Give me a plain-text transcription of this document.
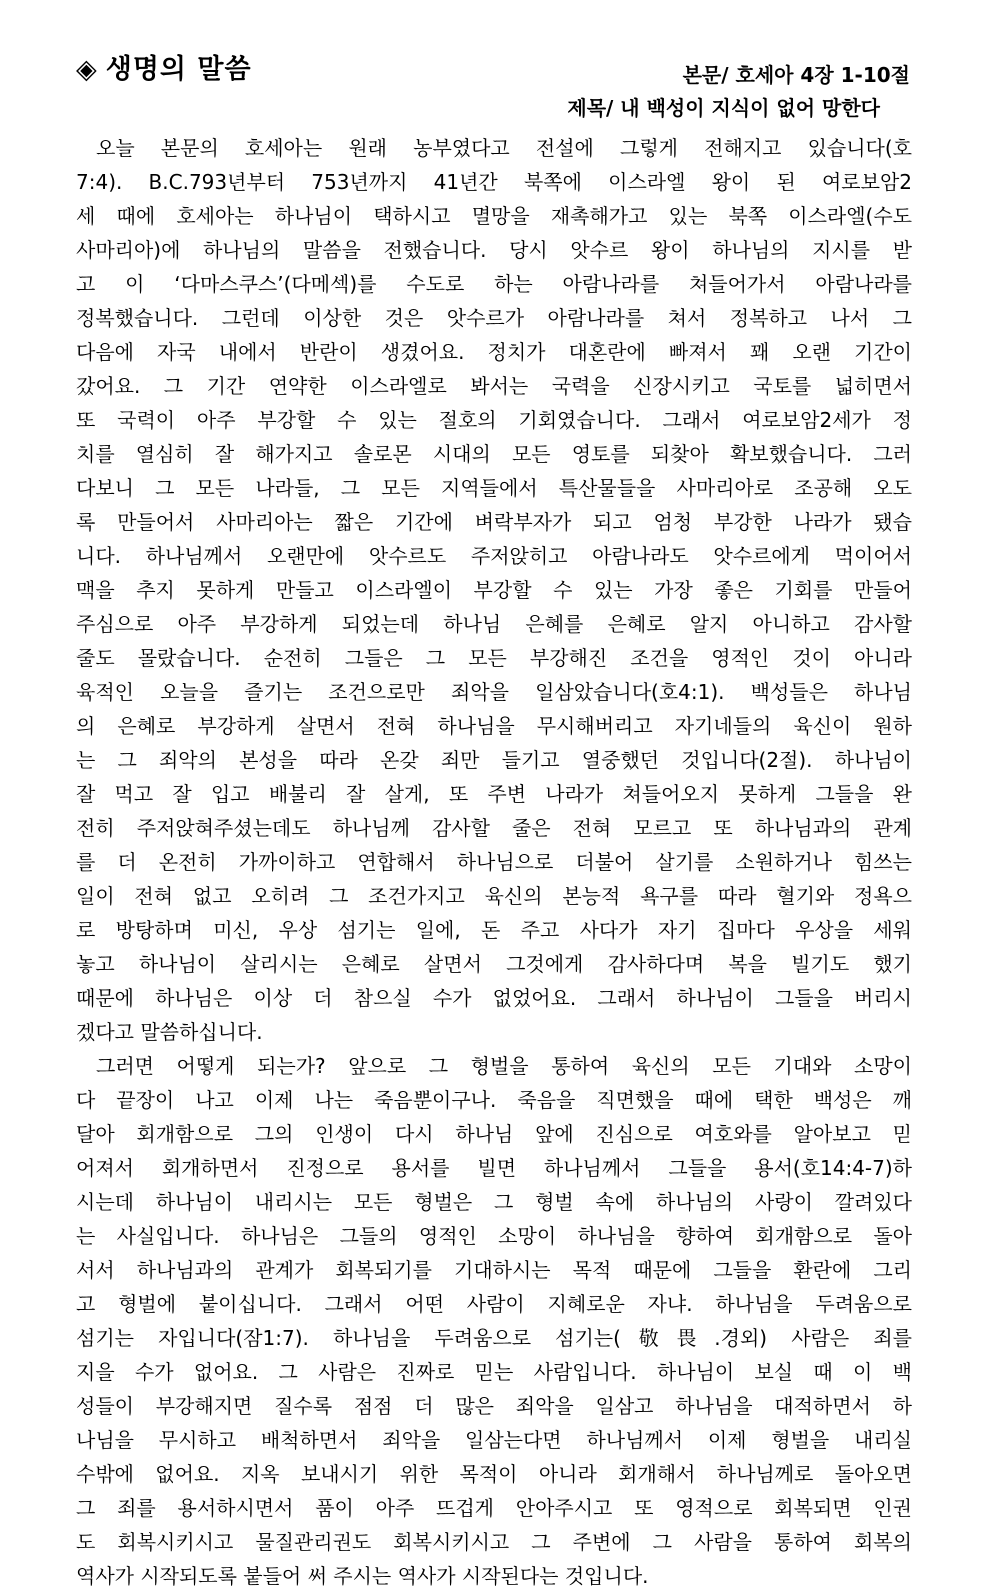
◈ 생명의 말씀	본문/ 호세아 4장 1-10절
제목/ 내 백성이 지식이 없어 망한다
오늘 본문의 호세아는 원래 농부였다고 전설에 그렇게 전해지고 있습니다(호
7:4). B.C.793년부터 753년까지 41년간 북쪽에 이스라엘 왕이 된 여로보암2
세 때에 호세아는 하나님이 택하시고 멸망을 재촉해가고 있는 북쪽 이스라엘(수도
사마리아)에 하나님의 말씀을 전했습니다. 당시 앗수르 왕이 하나님의 지시를 받
고 이 ‘다마스쿠스’(다메섹)를 수도로 하는 아람나라를 쳐들어가서 아람나라를
정복했습니다. 그런데 이상한 것은 앗수르가 아람나라를 쳐서 정복하고 나서 그
다음에 자국 내에서 반란이 생겼어요. 정치가 대혼란에 빠져서 꽤 오랜 기간이
갔어요. 그 기간 연약한 이스라엘로 봐서는 국력을 신장시키고 국토를 넓히면서
또 국력이 아주 부강할 수 있는 절호의 기회였습니다. 그래서 여로보암2세가 정
치를 열심히 잘 해가지고 솔로몬 시대의 모든 영토를 되찾아 확보했습니다. 그러
다보니 그 모든 나라들, 그 모든 지역들에서 특산물들을 사마리아로 조공해 오도
록 만들어서 사마리아는 짧은 기간에 벼락부자가 되고 엄청 부강한 나라가 됐습
니다. 하나님께서 오랜만에 앗수르도 주저앉히고 아람나라도 앗수르에게 먹이어서
맥을 추지 못하게 만들고 이스라엘이 부강할 수 있는 가장 좋은 기회를 만들어
주심으로 아주 부강하게 되었는데 하나님 은혜를 은혜로 알지 아니하고 감사할
줄도 몰랐습니다. 순전히 그들은 그 모든 부강해진 조건을 영적인 것이 아니라
육적인 오늘을 즐기는 조건으로만 죄악을 일삼았습니다(호4:1). 백성들은 하나님
의 은혜로 부강하게 살면서 전혀 하나님을 무시해버리고 자기네들의 육신이 원하
는 그 죄악의 본성을 따라 온갖 죄만 들기고 열중했던 것입니다(2절). 하나님이
잘 먹고 잘 입고 배불리 잘 살게, 또 주변 나라가 쳐들어오지 못하게 그들을 완
전히 주저앉혀주셨는데도 하나님께 감사할 줄은 전혀 모르고 또 하나님과의 관계
를 더 온전히 가까이하고 연합해서 하나님으로 더불어 살기를 소원하거나 힘쓰는
일이 전혀 없고 오히려 그 조건가지고 육신의 본능적 욕구를 따라 혈기와 정욕으
로 방탕하며 미신, 우상 섬기는 일에, 돈 주고 사다가 자기 집마다 우상을 세워
놓고 하나님이 살리시는 은혜로 살면서 그것에게 감사하다며 복을 빌기도 했기
때문에 하나님은 이상 더 참으실 수가 없었어요. 그래서 하나님이 그들을 버리시
겠다고 말씀하십니다.
그러면 어떻게 되는가? 앞으로 그 형벌을 통하여 육신의 모든 기대와 소망이
다 끝장이 나고 이제 나는 죽음뿐이구나. 죽음을 직면했을 때에 택한 백성은 깨
달아 회개함으로 그의 인생이 다시 하나님 앞에 진심으로 여호와를 알아보고 믿
어져서 회개하면서 진정으로 용서를 빌면 하나님께서 그들을 용서(호14:4-7)하
시는데 하나님이 내리시는 모든 형벌은 그 형벌 속에 하나님의 사랑이 깔려있다
는 사실입니다. 하나님은 그들의 영적인 소망이 하나님을 향하여 회개함으로 돌아
서서 하나님과의 관계가 회복되기를 기대하시는 목적 때문에 그들을 환란에 그리
고 형벌에 붙이십니다. 그래서 어떤 사람이 지혜로운 자냐. 하나님을 두려움으로
섬기는 자입니다(잠1:7). 하나님을 두려움으로 섬기는(敬畏.경외) 사람은 죄를
지을 수가 없어요. 그 사람은 진짜로 믿는 사람입니다. 하나님이 보실 때 이 백
성들이 부강해지면 질수록 점점 더 많은 죄악을 일삼고 하나님을 대적하면서 하
나님을 무시하고 배척하면서 죄악을 일삼는다면 하나님께서 이제 형벌을 내리실
수밖에 없어요. 지옥 보내시기 위한 목적이 아니라 회개해서 하나님께로 돌아오면
그 죄를 용서하시면서 품이 아주 뜨겁게 안아주시고 또 영적으로 회복되면 인권
도 회복시키시고 물질관리권도 회복시키시고 그 주변에 그 사람을 통하여 회복의
역사가 시작되도록 붙들어 써 주시는 역사가 시작된다는 것입니다.
